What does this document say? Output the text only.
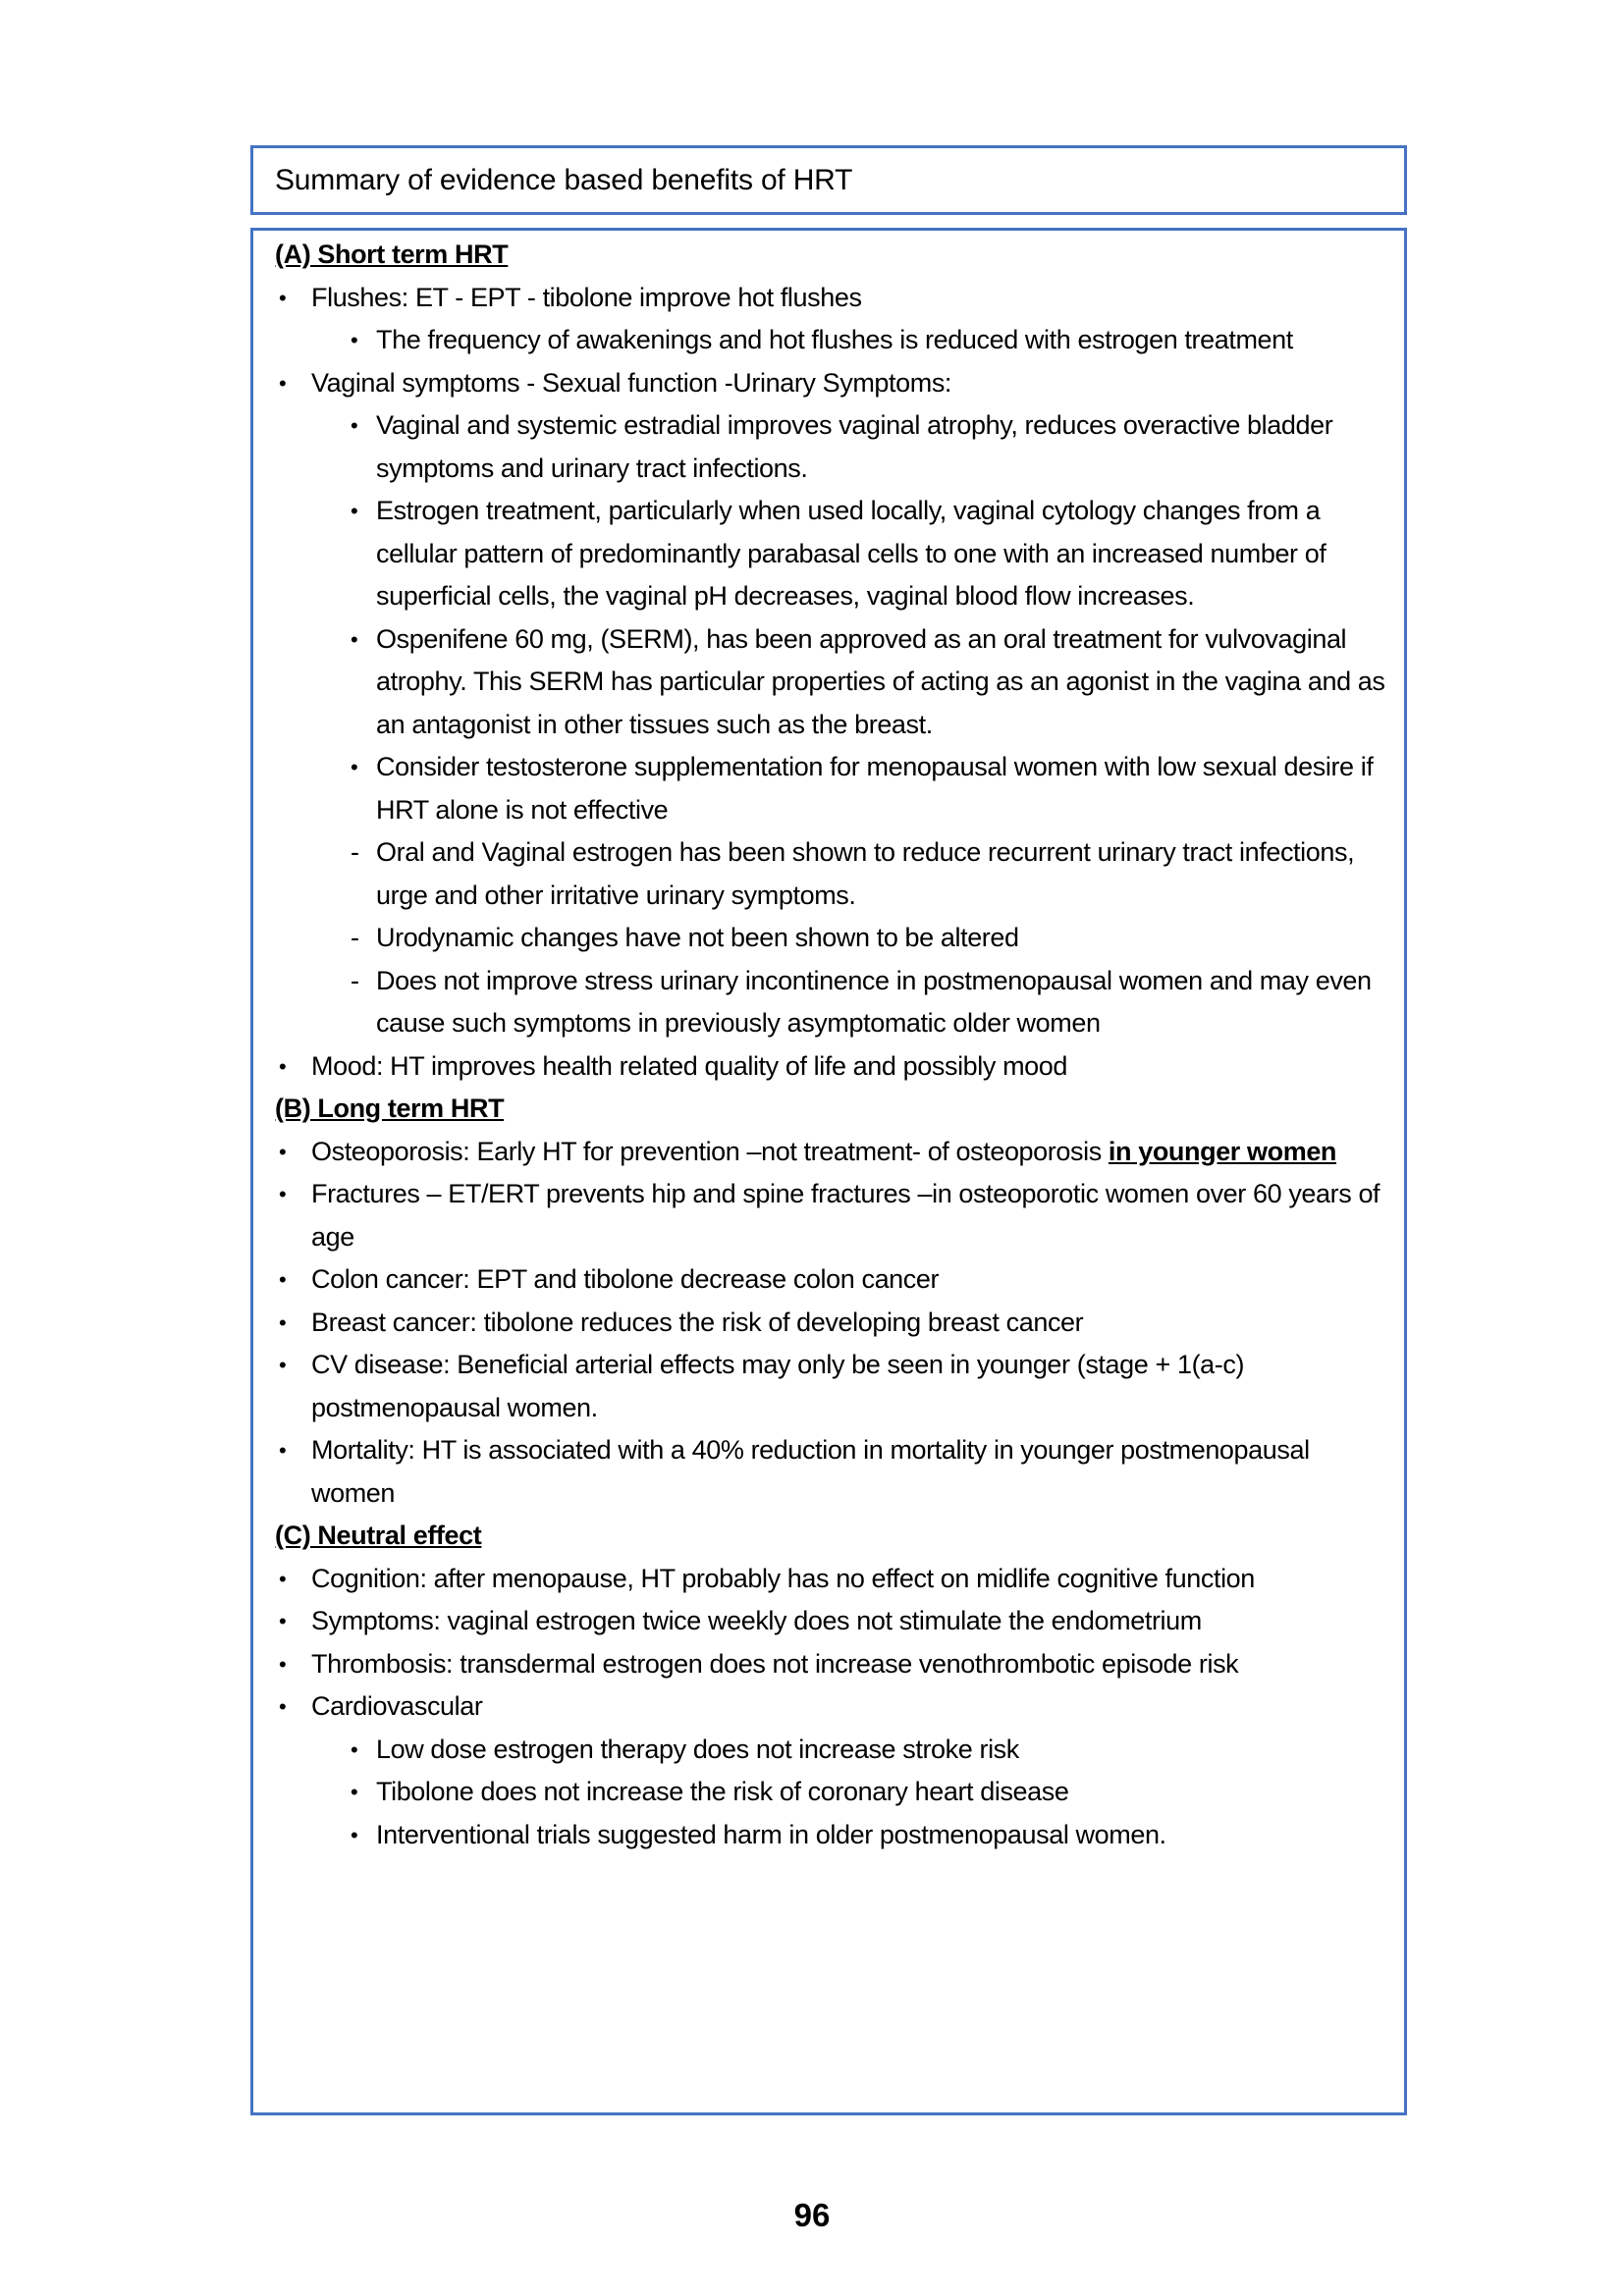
Summary of evidence based benefits of HRT
(A) Short term HRT
• Flushes: ET - EPT - tibolone improve hot flushes
• The frequency of awakenings and hot flushes is reduced with estrogen treatment
• Vaginal symptoms - Sexual function -Urinary Symptoms:
• Vaginal and systemic estradial improves vaginal atrophy, reduces overactive bladder symptoms and urinary tract infections.
• Estrogen treatment, particularly when used locally, vaginal cytology changes from a cellular pattern of predominantly parabasal cells to one with an increased number of superficial cells, the vaginal pH decreases, vaginal blood flow increases.
• Ospenifene 60 mg, (SERM), has been approved as an oral treatment for vulvovaginal atrophy. This SERM has particular properties of acting as an agonist in the vagina and as an antagonist in other tissues such as the breast.
• Consider testosterone supplementation for menopausal women with low sexual desire if HRT alone is not effective
- Oral and Vaginal estrogen has been shown to reduce recurrent urinary tract infections, urge and other irritative urinary symptoms.
- Urodynamic changes have not been shown to be altered
- Does not improve stress urinary incontinence in postmenopausal women and may even cause such symptoms in previously asymptomatic older women
• Mood: HT improves health related quality of life and possibly mood
(B) Long term HRT
• Osteoporosis: Early HT for prevention –not treatment- of osteoporosis in younger women
• Fractures – ET/ERT prevents hip and spine fractures –in osteoporotic women over 60 years of age
• Colon cancer: EPT and tibolone decrease colon cancer
• Breast cancer: tibolone reduces the risk of developing breast cancer
• CV disease: Beneficial arterial effects may only be seen in younger (stage + 1(a-c) postmenopausal women.
• Mortality: HT is associated with a 40% reduction in mortality in younger postmenopausal women
(C) Neutral effect
• Cognition: after menopause, HT probably has no effect on midlife cognitive function
• Symptoms: vaginal estrogen twice weekly does not stimulate the endometrium
• Thrombosis: transdermal estrogen does not increase venothrombotic episode risk
• Cardiovascular
• Low dose estrogen therapy does not increase stroke risk
• Tibolone does not increase the risk of coronary heart disease
• Interventional trials suggested harm in older postmenopausal women.
96
